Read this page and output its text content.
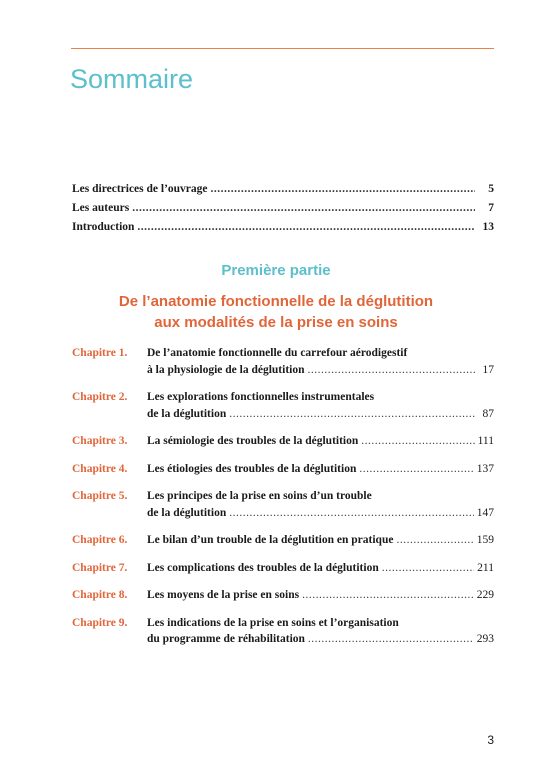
Sommaire
Les directrices de l’ouvrage .....	5
Les auteurs .....	7
Introduction .....	13
Première partie
De l’anatomie fonctionnelle de la déglutition
aux modalités de la prise en soins
Chapitre 1.	De l’anatomie fonctionnelle du carrefour aérodigestif
à la physiologie de la déglutition .....	17
Chapitre 2.	Les explorations fonctionnelles instrumentales
de la déglutition .....	87
Chapitre 3.	La sémiologie des troubles de la déglutition .....	111
Chapitre 4.	Les étiologies des troubles de la déglutition .....	137
Chapitre 5.	Les principes de la prise en soins d’un trouble
de la déglutition .....	147
Chapitre 6.	Le bilan d’un trouble de la déglutition en pratique .....	159
Chapitre 7.	Les complications des troubles de la déglutition .....	211
Chapitre 8.	Les moyens de la prise en soins .....	229
Chapitre 9.	Les indications de la prise en soins et l’organisation
du programme de réhabilitation .....	293
3
